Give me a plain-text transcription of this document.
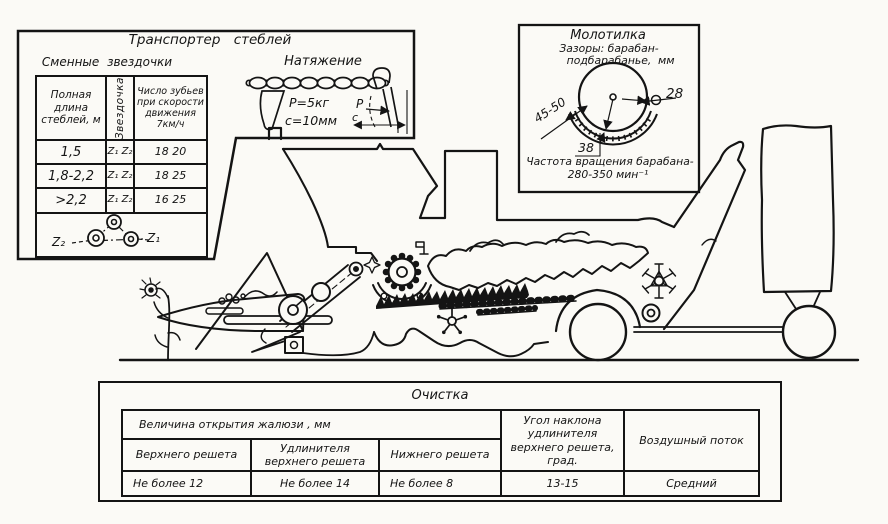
Транспортер стеблей
Сменные звездочки	Натяжение
P=5кг
c=10мм
P
c
Полная длина стеблей, м	Звездочка	Число зубьев при скорости движения 7км/ч
1,5	Z₁ Z₂	18 20
1,8-2,2	Z₁ Z₂	18 25
>2,2	Z₁ Z₂	16 25

Z₂	Z₁
Молотилка
Зазоры: барабан-подбарабанье, мм
45-50
28
38
Частота вращения барабана-
280-350 мин⁻¹
Очистка
Величина открытия жалюзи , мм			Угол наклона удлинителя верхнего решета, град.	Воздушный поток
Верхнего решета	Удлинителя верхнего решета	Нижнего решета		
Не более 12	Не более 14	Не более 8	13-15	Средний
